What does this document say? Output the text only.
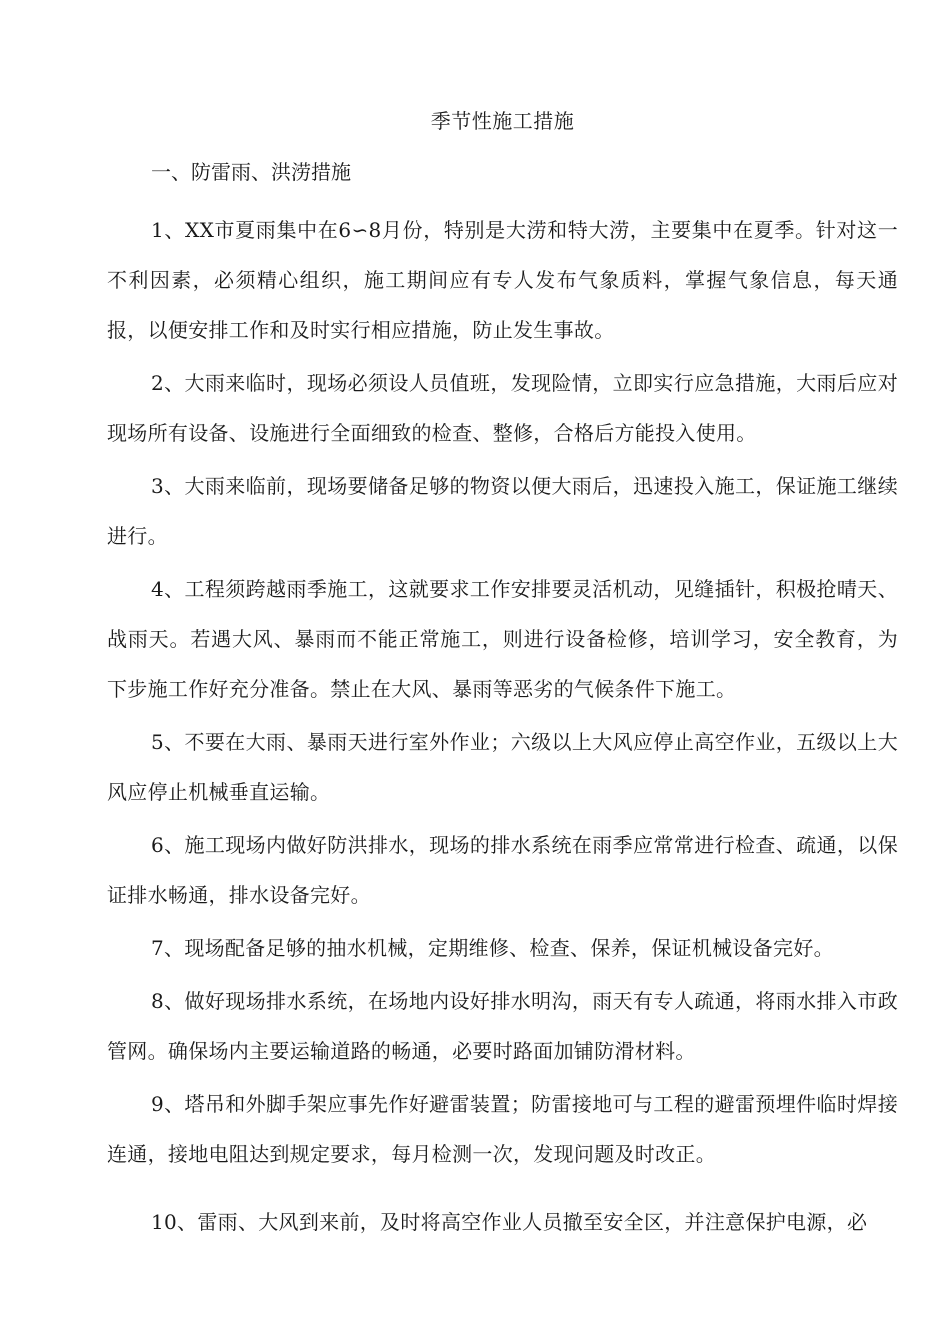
季节性施工措施
一、防雷雨、洪涝措施

1、XX市夏雨集中在6∽8月份，特别是大涝和特大涝，主要集中在夏季。针对这一不利因素，必须精心组织，施工期间应有专人发布气象质料，掌握气象信息，每天通报，以便安排工作和及时实行相应措施，防止发生事故。

2、大雨来临时，现场必须设人员值班，发现险情，立即实行应急措施，大雨后应对现场所有设备、设施进行全面细致的检查、整修，合格后方能投入使用。

3、大雨来临前，现场要储备足够的物资以便大雨后，迅速投入施工，保证施工继续进行。

4、工程须跨越雨季施工，这就要求工作安排要灵活机动，见缝插针，积极抢晴天、战雨天。若遇大风、暴雨而不能正常施工，则进行设备检修，培训学习，安全教育，为下步施工作好充分准备。禁止在大风、暴雨等恶劣的气候条件下施工。

5、不要在大雨、暴雨天进行室外作业；六级以上大风应停止高空作业，五级以上大风应停止机械垂直运输。

6、施工现场内做好防洪排水，现场的排水系统在雨季应常常进行检查、疏通，以保证排水畅通，排水设备完好。

7、现场配备足够的抽水机械，定期维修、检查、保养，保证机械设备完好。

8、做好现场排水系统，在场地内设好排水明沟，雨天有专人疏通，将雨水排入市政管网。确保场内主要运输道路的畅通，必要时路面加铺防滑材料。

9、塔吊和外脚手架应事先作好避雷装置；防雷接地可与工程的避雷预埋件临时焊接连通，接地电阻达到规定要求，每月检测一次，发现问题及时改正。

10、雷雨、大风到来前，及时将高空作业人员撤至安全区，并注意保护电源，必
